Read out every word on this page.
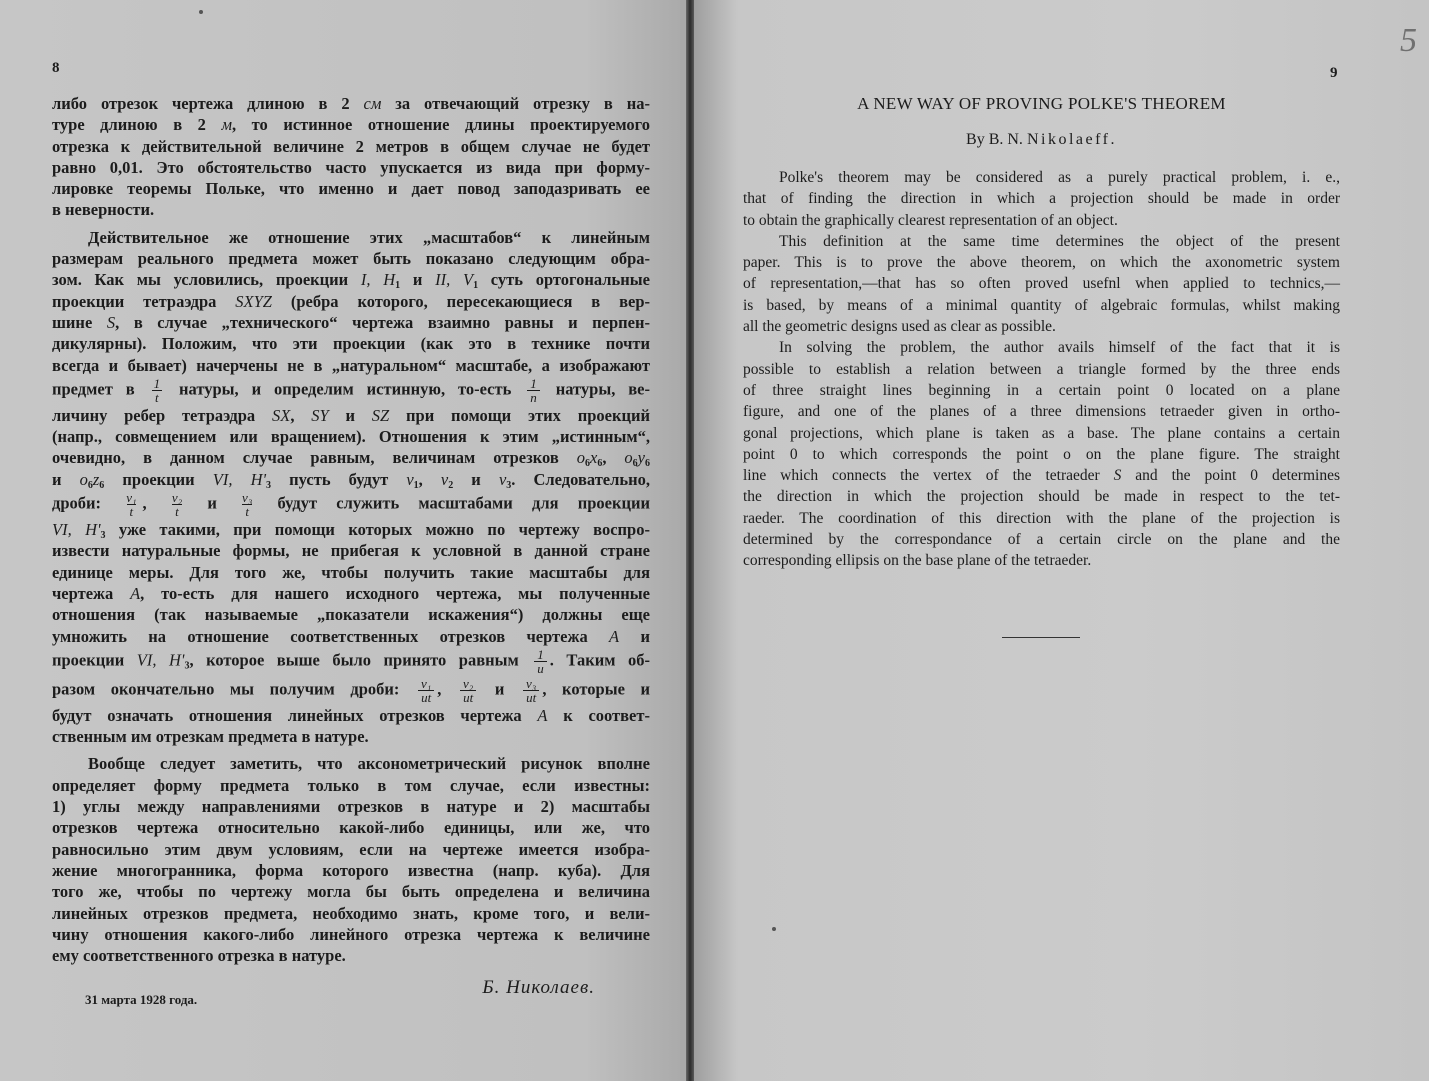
8	9
5
либо отрезок чертежа длиною в 2 см за отвечающий отрезку в на-
туре длиною в 2 м, то истинное отношение длины проектируемого
отрезка к действительной величине 2 метров в общем случае не будет
равно 0,01. Это обстоятельство часто упускается из вида при форму-
лировке теоремы Польке, что именно и дает повод заподазривать ее
в неверности.
Действительное же отношение этих „масштабов“ к линейным
размерам реального предмета может быть показано следующим обра-
зом. Как мы условились, проекции I, $H_1$ и II, $V_1$ суть ортогональные
проекции тетраэдра SXYZ (ребра которого, пересекающиеся в вер-
шине S, в случае „технического“ чертежа взаимно равны и перпен-
дикулярны). Положим, что эти проекции (как это в технике почти
всегда и бывает) начерчены не в „натуральном“ масштабе, а изображают
предмет в $\frac{1}{t}$ натуры, и определим истинную, то-есть $\frac{1}{n}$ натуры, ве-
личину ребер тетраэдра SX, SY и SZ при помощи этих проекций
(напр., совмещением или вращением). Отношения к этим „истинным“,
очевидно, в данном случае равным, величинам отрезков $o_6x_6$, $o_6y_6$
и $o_6z_6$ проекции VI, $H'_3$ пусть будут $v_1$, $v_2$ и $v_3$. Следовательно,
дроби: $\frac{\text{v₁}}{t}$ , $\frac{\text{v₂}}{t}$ и $\frac{\text{v₃}}{t}$ будут служить масштабами для проекции
VI, $H'_3$ уже такими, при помощи которых можно по чертежу воспро-
извести натуральные формы, не прибегая к условной в данной стране
единице меры. Для того же, чтобы получить такие масштабы для
чертежа A, то-есть для нашего исходного чертежа, мы полученные
отношения (так называемые „показатели искажения“) должны еще
умножить на отношение соответственных отрезков чертежа A и
проекции VI, $H'_3$, которое выше было принято равным $\frac{1}{u}$ . Таким об-
разом окончательно мы получим дроби: $\frac{\text{v₁}}{ut}$ , $\frac{\text{v₂}}{ut}$ и $\frac{\text{v₃}}{ut}$ , которые и
будут означать отношения линейных отрезков чертежа A к соответ-
ственным им отрезкам предмета в натуре.
Вообще следует заметить, что аксонометрический рисунок вполне
определяет форму предмета только в том случае, если известны:
1) углы между направлениями отрезков в натуре и 2) масштабы
отрезков чертежа относительно какой-либо единицы, или же, что
равносильно этим двум условиям, если на чертеже имеется изобра-
жение многогранника, форма которого известна (напр. куба). Для
того же, чтобы по чертежу могла бы быть определена и величина
линейных отрезков предмета, необходимо знать, кроме того, и вели-
чину отношения какого-либо линейного отрезка чертежа к величине
ему соответственного отрезка в натуре.
31 марта 1928 года.
Б. Николаев.
A NEW WAY OF PROVING POLKE'S THEOREM
By B. N. Nikolaeff.
Polke's theorem may be considered as a purely practical problem, i. e.,
that of finding the direction in which a projection should be made in order
to obtain the graphically clearest representation of an object.
This definition at the same time determines the object of the present
paper. This is to prove the above theorem, on which the axonometric system
of representation,—that has so often proved usefnl when applied to technics,—
is based, by means of a minimal quantity of algebraic formulas, whilst making
all the geometric designs used as clear as possible.
In solving the problem, the author avails himself of the fact that it is
possible to establish a relation between a triangle formed by the three ends
of three straight lines beginning in a certain point 0 located on a plane
figure, and one of the planes of a three dimensions tetraeder given in ortho-
gonal projections, which plane is taken as a base. The plane contains a certain
point 0 to which corresponds the point o on the plane figure. The straight
line which connects the vertex of the tetraeder S and the point 0 determines
the direction in which the projection should be made in respect to the tet-
raeder. The coordination of this direction with the plane of the projection is
determined by the correspondance of a certain circle on the plane and the
corresponding ellipsis on the base plane of the tetraeder.
